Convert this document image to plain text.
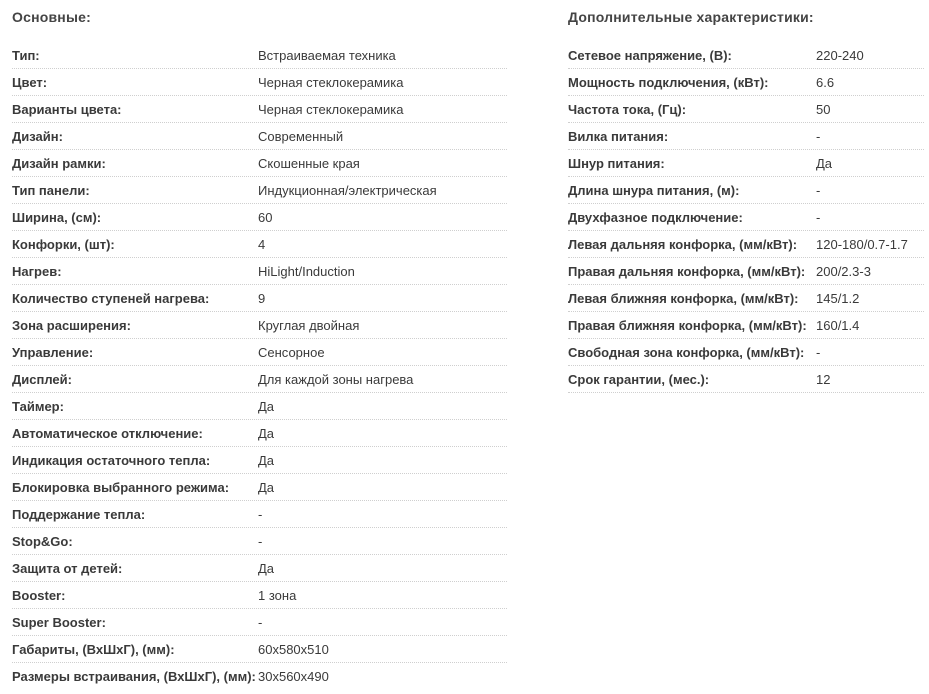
Основные:
Тип:	Встраиваемая техника
Цвет:	Черная стеклокерамика
Варианты цвета:	Черная стеклокерамика
Дизайн:	Современный
Дизайн рамки:	Скошенные края
Тип панели:	Индукционная/электрическая
Ширина, (см):	60
Конфорки, (шт):	4
Нагрев:	HiLight/Induction
Количество ступеней нагрева:	9
Зона расширения:	Круглая двойная
Управление:	Сенсорное
Дисплей:	Для каждой зоны нагрева
Таймер:	Да
Автоматическое отключение:	Да
Индикация остаточного тепла:	Да
Блокировка выбранного режима: Да
Поддержание тепла:	-
Stop&Go:	-
Защита от детей:	Да
Booster:	1 зона
Super Booster:	-
Габариты, (ВхШхГ), (мм):	60x580x510
Размеры встраивания, (ВхШхГ), (мм): 30x560x490
Дополнительные характеристики:
Сетевое напряжение, (В):	220-240
Мощность подключения, (кВт):	6.6
Частота тока, (Гц):	50
Вилка питания:	-
Шнур питания:	Да
Длина шнура питания, (м):	-
Двухфазное подключение:	-
Левая дальняя конфорка, (мм/кВт): 120-180/0.7-1.7
Правая дальняя конфорка, (мм/кВт): 200/2.3-3
Левая ближняя конфорка, (мм/кВт): 145/1.2
Правая ближняя конфорка, (мм/кВт): 160/1.4
Свободная зона конфорка, (мм/кВт): -
Срок гарантии, (мес.):	12
